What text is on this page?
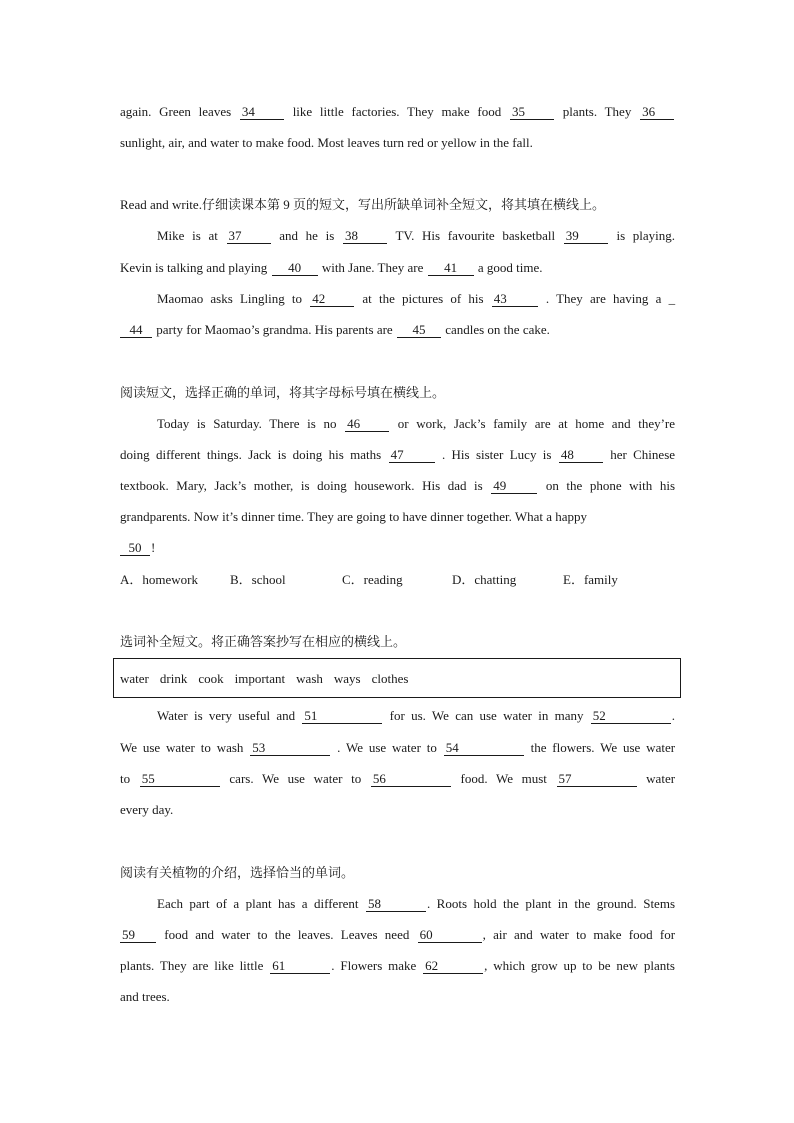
again. Green leaves 34	like little factories. They make food 35	plants. They 36
sunlight, air, and water to make food. Most leaves turn red or yellow in the fall.
Read and write.仔细读课本第 9 页的短文，写出所缺单词补全短文，将其填在横线上。
Mike is at 37	and he is 38	TV. His favourite basketball 39	is playing.
Kevin is talking and playing 40 with Jane. They are 41 a good time.
Maomao asks Lingling to 42	at the pictures of his 43	. They are having a _
44 party for Maomao’s grandma. His parents are 45 candles on the cake.
阅读短文，选择正确的单词，将其字母标号填在横线上。
Today is Saturday. There is no 46	or work, Jack’s family are at home and they’re
doing different things. Jack is doing his maths 47	. His sister Lucy is 48	her Chinese
textbook. Mary, Jack’s mother, is doing housework. His dad is 49	on the phone with his
grandparents. Now it’s dinner time. They are going to have dinner together. What a happy
50 !
A．homework B．school	C．reading	D．chatting	E．family
选词补全短文。将正确答案抄写在相应的横线上。
water drink cook important wash ways clothes
Water is very useful and 51	for us. We can use water in many 52	.
We use water to wash 53	. We use water to 54	the flowers. We use water
to 55	cars. We use water to 56	food. We must 57	water
every day.
阅读有关植物的介绍，选择恰当的单词。
Each part of a plant has a different 58	. Roots hold the plant in the ground. Stems
59 food and water to the leaves. Leaves need 60	, air and water to make food for
plants. They are like little 61	. Flowers make 62	, which grow up to be new plants
and trees.
